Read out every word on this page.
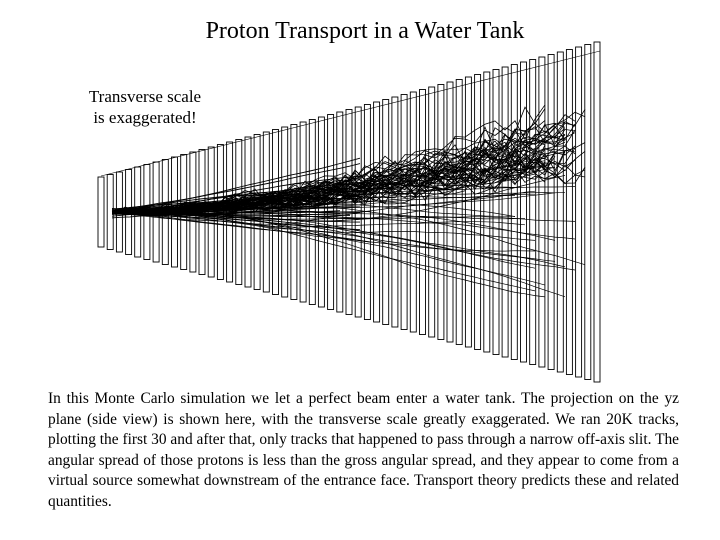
Proton Transport in a Water Tank
Transverse scale
is exaggerated!
In this Monte Carlo simulation we let a perfect beam enter a water tank. The projection on the yz plane (side view) is shown here, with the transverse scale greatly exaggerated. We ran 20K tracks, plotting the first 30 and after that, only tracks that happened to pass through a narrow off-axis slit. The angular spread of those protons is less than the gross angular spread, and they appear to come from a virtual source somewhat downstream of the entrance face. Transport theory predicts these and related quantities.
